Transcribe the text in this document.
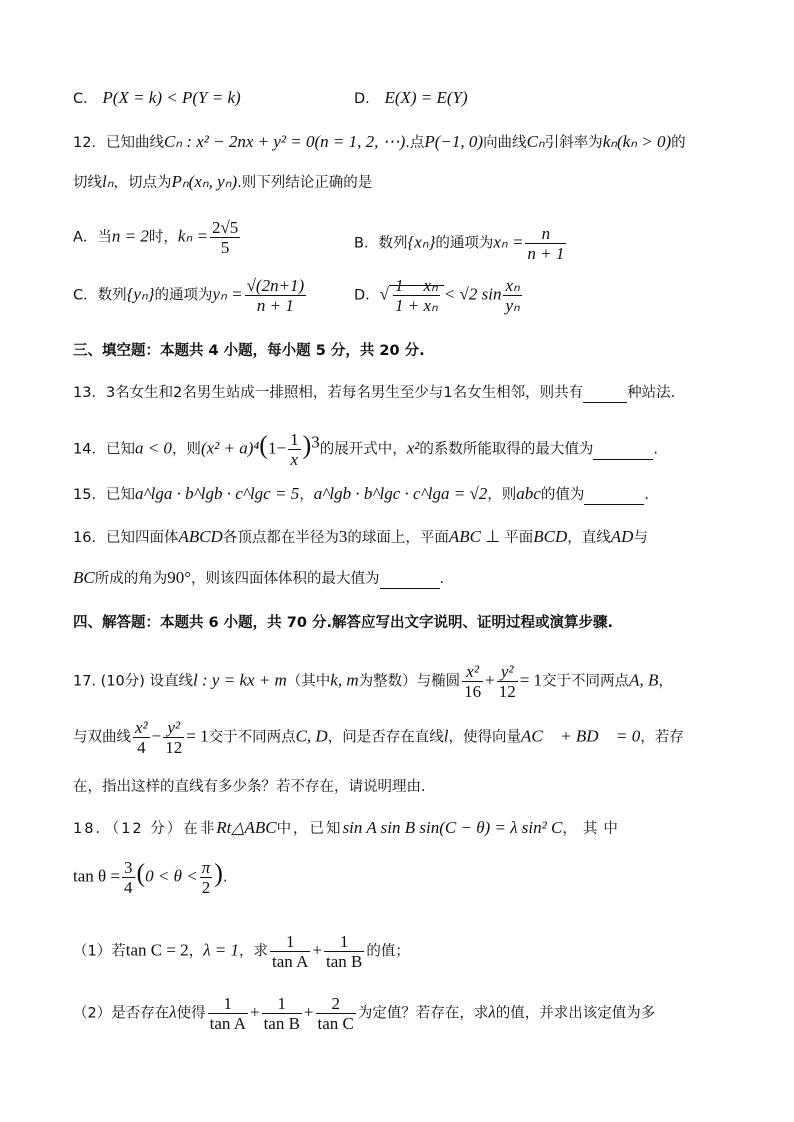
C． P(X = k) < P(Y = k)	D． E(X) = E(Y)
12．已知曲线Cₙ : x² − 2nx + y² = 0(n = 1, 2, ⋯).点P(−1, 0)向曲线Cₙ引斜率为kₙ(kₙ > 0)的
切线lₙ，切点为Pₙ(xₙ, yₙ).则下列结论正确的是
A．当n = 2时，$k_n = \frac{2√5}{5}$	B．数列{xₙ}的通项为$x_n = \frac{n}{n + 1}$
C．数列{yₙ}的通项为$y_n = \frac{√(2n+1)}{n + 1}$	D．√ $\frac{\text{1 − xₙ}}{\text{1 + xₙ}} < √2$ $\sin \frac{\text{xₙ}}{\text{yₙ}}$
三、填空题：本题共 4 小题，每小题 5 分，共 20 分.
13．3名女生和2名男生站成一排照相，若每名男生至少与1名女生相邻，则共有	种站法.
14．已知a < 0，则$(x^2 + a)^4(1- \frac{1}{x} )^3$的展开式中，x²的系数所能取得的最大值为	.
15．已知a^lga · b^lgb · c^lgc = 5，a^lgb · b^lgc · c^lga = √2，则abc的值为	.
16．已知四面体ABCD各顶点都在半径为3的球面上，平面ABC ⊥ 平面BCD，直线AD与
BC所成的角为90°，则该四面体体积的最大值为	.
四、解答题：本题共 6 小题，共 70 分.解答应写出文字说明、证明过程或演算步骤.
17. (10分) 设直线l : y = kx + m（其中k, m为整数）与椭圆 $\frac{\text{x²}}{16} + \frac{\text{y²}}{12} = 1$交于不同两点A, B，
与双曲线 $\frac{\text{x²}}{4} - \frac{\text{y²}}{12} = 1$交于不同两点C, D，问是否存在直线l，使得向量AC⃗ + BD⃗ = 0，若存
在，指出这样的直线有多少条？若不存在，请说明理由.
18．（12 分）在非Rt△ABC中，已知sin A sin B sin(C − θ) = λ sin² C，其中
$\tan \theta = \frac{3}{4} (0 < \theta < \frac{\pi}{2}$ ).
（1）若tan C = 2，λ = 1，求 $\frac{1}{\text{tan A}} + \frac{1}{\text{tan B}}$ 的值；
（2）是否存在λ使得 $\frac{1}{\text{tan A}} + \frac{1}{\text{tan B}} + \frac{2}{\text{tan C}}$ 为定值？若存在，求λ的值，并求出该定值为多
